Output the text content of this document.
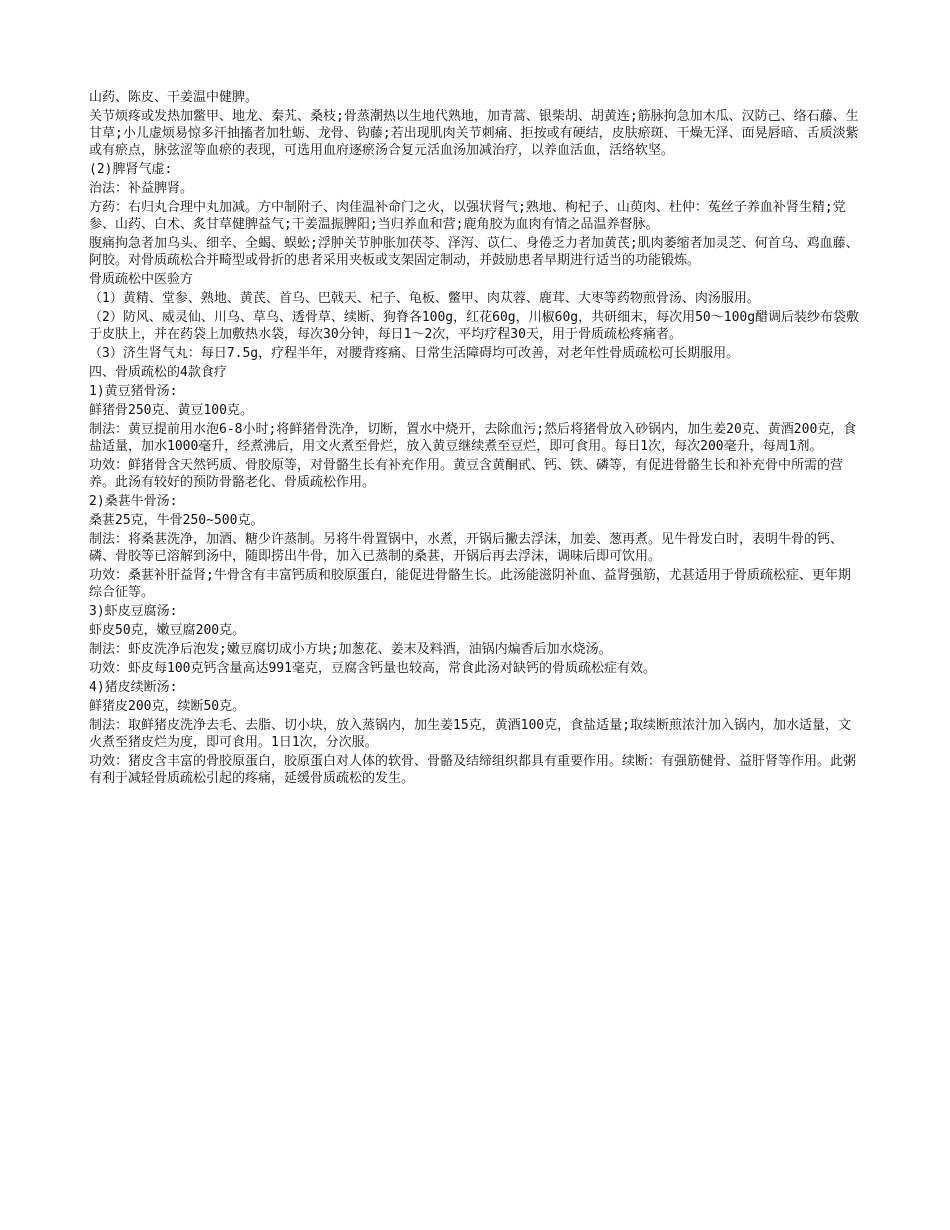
山药、陈皮、干姜温中健脾。

关节烦疼或发热加鳖甲、地龙、秦艽、桑枝;骨蒸潮热以生地代熟地，加青蒿、银柴胡、胡黄连;筋脉拘急加木瓜、汉防己、络石藤、生甘草;小儿虚烦易惊多汗抽搐者加牡蛎、龙骨、钩藤;若出现肌肉关节刺痛、拒按或有硬结，皮肤瘀斑、干燥无泽、面晃唇暗、舌质淡紫或有瘀点，脉弦涩等血瘀的表现，可选用血府逐瘀汤合复元活血汤加减治疗，以养血活血，活络软坚。

(2)脾肾气虚:

治法：补益脾肾。

方药：右归丸合理中丸加减。方中制附子、肉佳温补命门之火，以强状肾气;熟地、枸杞子、山萸肉、杜仲：菟丝子养血补肾生精;党参、山药、白术、炙甘草健脾益气;干姜温振脾阳;当归养血和营;鹿角胶为血肉有情之品温养督脉。

腹痛拘急者加乌头、细辛、全蝎、蜈蚣;浮肿关节肿胀加茯苓、泽泻、苡仁、身倦乏力者加黄芪;肌肉萎缩者加灵芝、何首乌、鸡血藤、阿胶。对骨质疏松合并畸型或骨折的患者采用夹板或支架固定制动，并鼓励患者早期进行适当的功能锻炼。

骨质疏松中医验方

（1）黄精、堂参、熟地、黄芪、首乌、巴戟天、杞子、龟板、鳖甲、肉苁蓉、鹿茸、大枣等药物煎骨汤、肉汤服用。

（2）防风、威灵仙、川乌、草乌、透骨草、续断、狗脊各100g，红花60g，川椒60g，共研细末，每次用50～100g醋调后装纱布袋敷于皮肤上，并在药袋上加敷热水袋，每次30分钟，每日1～2次，平均疗程30天，用于骨质疏松疼痛者。

（3）济生肾气丸：每日7.5g，疗程半年，对腰背疼痛、日常生活障碍均可改善，对老年性骨质疏松可长期服用。

四、骨质疏松的4款食疗

1)黄豆猪骨汤:

鲜猪骨250克、黄豆100克。

制法：黄豆提前用水泡6-8小时;将鲜猪骨洗净，切断，置水中烧开，去除血污;然后将猪骨放入砂锅内，加生姜20克、黄酒200克，食盐适量，加水1000毫升，经煮沸后，用文火煮至骨烂，放入黄豆继续煮至豆烂，即可食用。每日1次，每次200毫升，每周1剂。

功效：鲜猪骨含天然钙质、骨胶原等，对骨骼生长有补充作用。黄豆含黄酮甙、钙、铁、磷等，有促进骨骼生长和补充骨中所需的营养。此汤有较好的预防骨骼老化、骨质疏松作用。

2)桑葚牛骨汤:

桑葚25克，牛骨250~500克。

制法：将桑葚洗净，加酒、糖少许蒸制。另将牛骨置锅中，水煮，开锅后撇去浮沫，加姜、葱再煮。见牛骨发白时，表明牛骨的钙、磷、骨胶等已溶解到汤中，随即捞出牛骨，加入已蒸制的桑葚，开锅后再去浮沫，调味后即可饮用。

功效：桑葚补肝益肾;牛骨含有丰富钙质和胶原蛋白，能促进骨骼生长。此汤能滋阴补血、益肾强筋，尤甚适用于骨质疏松症、更年期综合征等。

3)虾皮豆腐汤:

虾皮50克，嫩豆腐200克。

制法：虾皮洗净后泡发;嫩豆腐切成小方块;加葱花、姜末及料酒，油锅内煸香后加水烧汤。

功效：虾皮每100克钙含量高达991毫克，豆腐含钙量也较高，常食此汤对缺钙的骨质疏松症有效。

4)猪皮续断汤:

鲜猪皮200克，续断50克。

制法：取鲜猪皮洗净去毛、去脂、切小块，放入蒸锅内，加生姜15克，黄酒100克，食盐适量;取续断煎浓汁加入锅内，加水适量，文火煮至猪皮烂为度，即可食用。1日1次，分次服。

功效：猪皮含丰富的骨胶原蛋白，胶原蛋白对人体的软骨、骨骼及结缔组织都具有重要作用。续断：有强筋健骨、益肝肾等作用。此粥有利于减轻骨质疏松引起的疼痛，延缓骨质疏松的发生。
